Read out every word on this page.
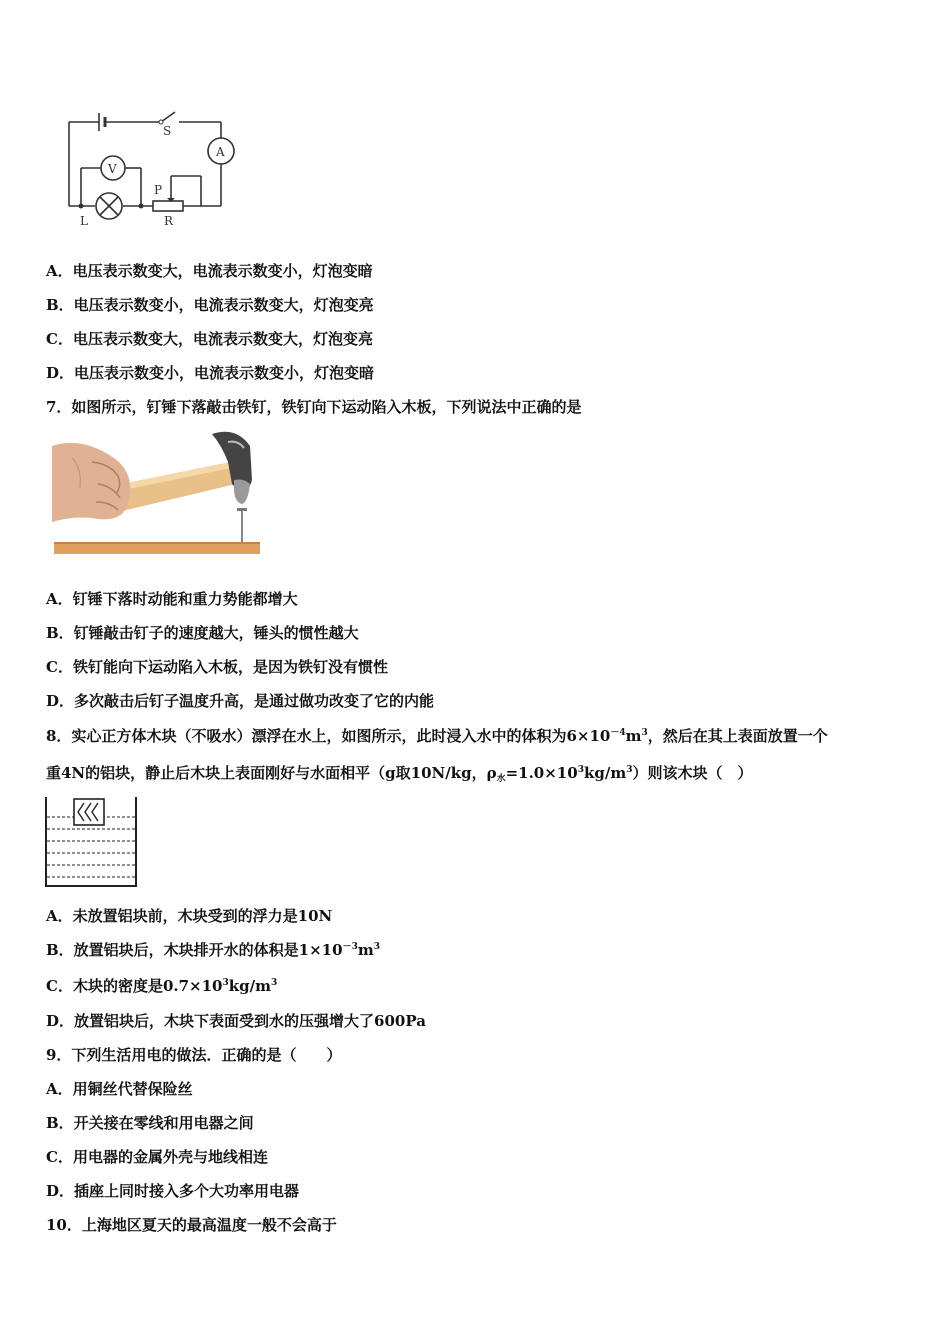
S
A
V
P
L	R
A．电压表示数变大，电流表示数变小，灯泡变暗
B．电压表示数变小，电流表示数变大，灯泡变亮
C．电压表示数变大，电流表示数变大，灯泡变亮
D．电压表示数变小，电流表示数变小，灯泡变暗
7．如图所示，钉锤下落敲击铁钉，铁钉向下运动陷入木板，下列说法中正确的是
A．钉锤下落时动能和重力势能都增大
B．钉锤敲击钉子的速度越大，锤头的惯性越大
C．铁钉能向下运动陷入木板，是因为铁钉没有惯性
D．多次敲击后钉子温度升高，是通过做功改变了它的内能
8．实心正方体木块（不吸水）漂浮在水上，如图所示，此时浸入水中的体积为$6\times 10^{-4}m^3$，然后在其上表面放置一个
重4N的铝块，静止后木块上表面刚好与水面相平（g取10N/kg，$\rho_水=1.0\times 10^3kg/m^3$）则该木块（　）
A．未放置铝块前，木块受到的浮力是10N
B．放置铝块后，木块排开水的体积是$1\times 10^{-3}m^3$
C．木块的密度是$0.7\times 10^3kg/m^3$
D．放置铝块后，木块下表面受到水的压强增大了600Pa
9．下列生活用电的做法．正确的是（　　）
A．用铜丝代替保险丝
B．开关接在零线和用电器之间
C．用电器的金属外壳与地线相连
D．插座上同时接入多个大功率用电器
10．上海地区夏天的最高温度一般不会高于
